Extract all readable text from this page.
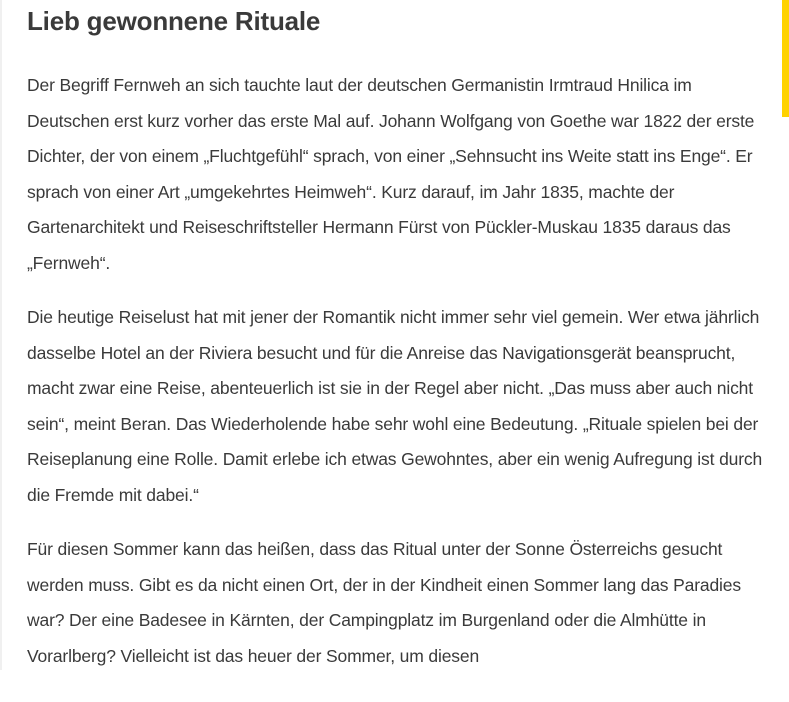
Lieb gewonnene Rituale

Der Begriff Fernweh an sich tauchte laut der deutschen Germanistin Irmtraud Hnilica im Deutschen erst kurz vorher das erste Mal auf. Johann Wolfgang von Goethe war 1822 der erste Dichter, der von einem „Fluchtgefühl“ sprach, von einer „Sehnsucht ins Weite statt ins Enge“. Er sprach von einer Art „umgekehrtes Heimweh“. Kurz darauf, im Jahr 1835, machte der Gartenarchitekt und Reiseschriftsteller Hermann Fürst von Pückler-Muskau 1835 daraus das „Fernweh“.

Die heutige Reiselust hat mit jener der Romantik nicht immer sehr viel gemein. Wer etwa jährlich dasselbe Hotel an der Riviera besucht und für die Anreise das Navigationsgerät beansprucht, macht zwar eine Reise, abenteuerlich ist sie in der Regel aber nicht. „Das muss aber auch nicht sein“, meint Beran. Das Wiederholende habe sehr wohl eine Bedeutung. „Rituale spielen bei der Reiseplanung eine Rolle. Damit erlebe ich etwas Gewohntes, aber ein wenig Aufregung ist durch die Fremde mit dabei.“

Für diesen Sommer kann das heißen, dass das Ritual unter der Sonne Österreichs gesucht werden muss. Gibt es da nicht einen Ort, der in der Kindheit einen Sommer lang das Paradies war? Der eine Badesee in Kärnten, der Campingplatz im Burgenland oder die Almhütte in Vorarlberg? Vielleicht ist das heuer der Sommer, um diesen
